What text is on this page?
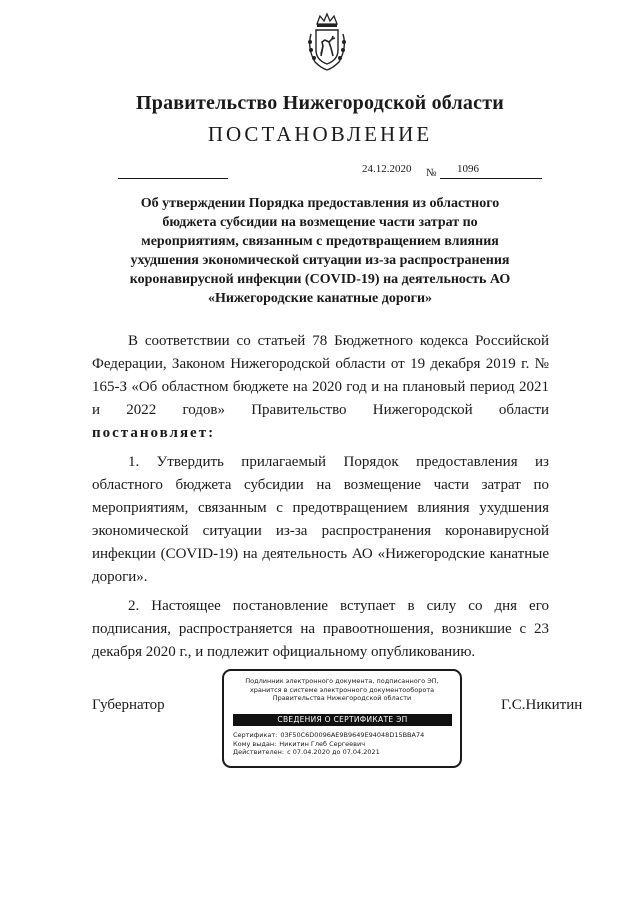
Правительство Нижегородской области
ПОСТАНОВЛЕНИЕ
24.12.2020 № 1096
Об утверждении Порядка предоставления из областного бюджета субсидии на возмещение части затрат по мероприятиям, связанным с предотвращением влияния ухудшения экономической ситуации из-за распространения коронавирусной инфекции (COVID-19) на деятельность АО «Нижегородские канатные дороги»

В соответствии со статьей 78 Бюджетного кодекса Российской Федерации, Законом Нижегородской области от 19 декабря 2019 г. № 165-З «Об областном бюджете на 2020 год и на плановый период 2021 и 2022 годов» Правительство Нижегородской области постановляет:

1. Утвердить прилагаемый Порядок предоставления из областного бюджета субсидии на возмещение части затрат по мероприятиям, связанным с предотвращением влияния ухудшения экономической ситуации из-за распространения коронавирусной инфекции (COVID-19) на деятельность АО «Нижегородские канатные дороги».

2. Настоящее постановление вступает в силу со дня его подписания, распространяется на правоотношения, возникшие с 23 декабря 2020 г., и подлежит официальному опубликованию.

Губернатор	Г.С.Никитин
Подлинник электронного документа, подписанного ЭП,
хранится в системе электронного документооборота
Правительства Нижегородской области
СВЕДЕНИЯ О СЕРТИФИКАТЕ ЭП
Сертификат: 03F50C6D0096AE9B9649E94048D15BBA74
Кому выдан: Никитин Глеб Сергеевич
Действителен: с 07.04.2020 до 07.04.2021
